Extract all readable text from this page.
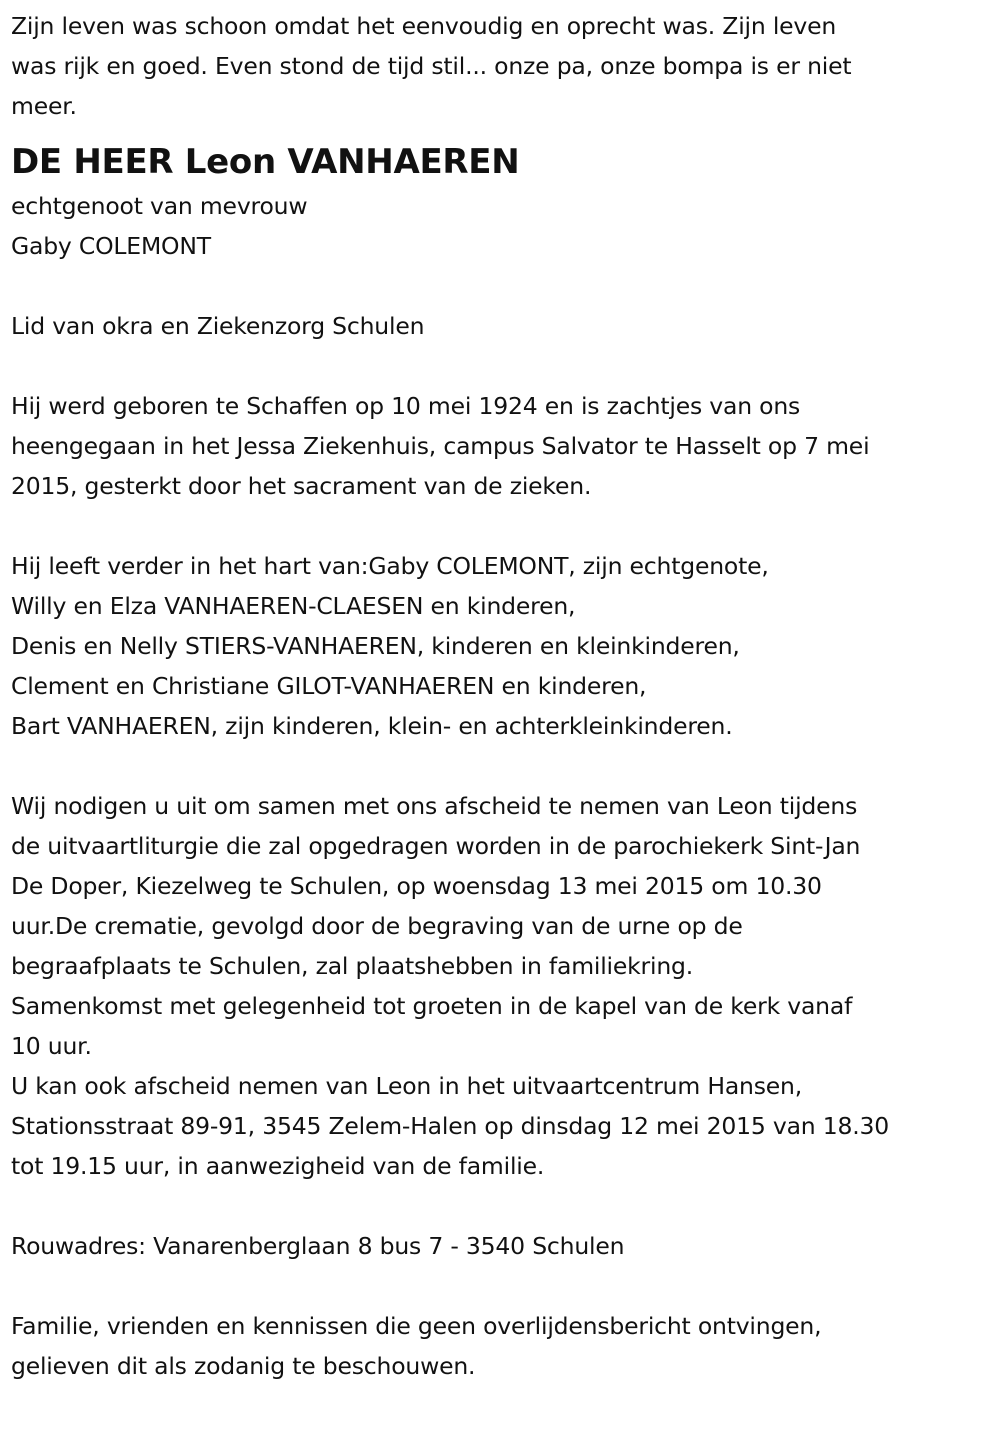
Zijn leven was schoon omdat het eenvoudig en oprecht was. Zijn leven
was rijk en goed. Even stond de tijd stil... onze pa, onze bompa is er niet
meer.
DE HEER Leon VANHAEREN
echtgenoot van mevrouw
Gaby COLEMONT
Lid van okra en Ziekenzorg Schulen
Hij werd geboren te Schaffen op 10 mei 1924 en is zachtjes van ons
heengegaan in het Jessa Ziekenhuis, campus Salvator te Hasselt op 7 mei
2015, gesterkt door het sacrament van de zieken.
Hij leeft verder in het hart van:Gaby COLEMONT, zijn echtgenote,
Willy en Elza VANHAEREN-CLAESEN en kinderen,
Denis en Nelly STIERS-VANHAEREN, kinderen en kleinkinderen,
Clement en Christiane GILOT-VANHAEREN en kinderen,
Bart VANHAEREN, zijn kinderen, klein- en achterkleinkinderen.
Wij nodigen u uit om samen met ons afscheid te nemen van Leon tijdens
de uitvaartliturgie die zal opgedragen worden in de parochiekerk Sint-Jan
De Doper, Kiezelweg te Schulen, op woensdag 13 mei 2015 om 10.30
uur.De crematie, gevolgd door de begraving van de urne op de
begraafplaats te Schulen, zal plaatshebben in familiekring.
Samenkomst met gelegenheid tot groeten in de kapel van de kerk vanaf
10 uur.
U kan ook afscheid nemen van Leon in het uitvaartcentrum Hansen,
Stationsstraat 89-91, 3545 Zelem-Halen op dinsdag 12 mei 2015 van 18.30
tot 19.15 uur, in aanwezigheid van de familie.
Rouwadres: Vanarenberglaan 8 bus 7 - 3540 Schulen
Familie, vrienden en kennissen die geen overlijdensbericht ontvingen,
gelieven dit als zodanig te beschouwen.
